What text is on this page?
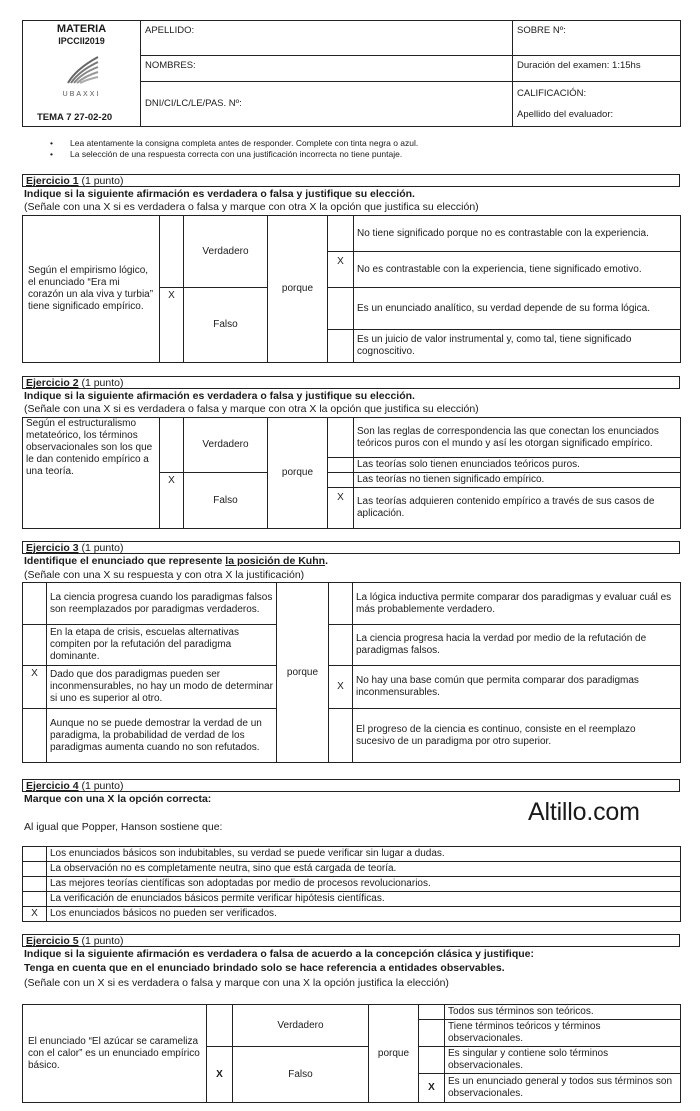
MATERIA
IPCCII2019
UBAXXI
TEMA 7 27-02-20	APELLIDO:	SOBRE Nº:
	NOMBRES:	Duración del examen: 1:15hs
	DNI/CI/LC/LE/PAS. Nº:	CALIFICACIÓN:
Apellido del evaluador:
• Lea atentamente la consigna completa antes de responder. Complete con tinta negra o azul.
• La selección de una respuesta correcta con una justificación incorrecta no tiene puntaje.
Ejercicio 1 (1 punto)
Indique si la siguiente afirmación es verdadera o falsa y justifique su elección.
(Señale con una X si es verdadera o falsa y marque con otra X la opción que justifica su elección)
Según el empirismo lógico, el enunciado “Era mi corazón un ala viva y turbia” tiene significado empírico.		Verdadero	porque		No tiene significado porque no es contrastable con la experiencia.
				X	No es contrastable con la experiencia, tiene significado emotivo.
	X	Falso			Es un enunciado analítico, su verdad depende de su forma lógica.
					Es un juicio de valor instrumental y, como tal, tiene significado cognoscitivo.
Ejercicio 2 (1 punto)
Indique si la siguiente afirmación es verdadera o falsa y justifique su elección.
(Señale con una X si es verdadera o falsa y marque con otra X la opción que justifica su elección)
Según el estructuralismo metateórico, los términos observacionales son los que le dan contenido empírico a una teoría.		Verdadero	porque		Son las reglas de correspondencia las que conectan los enunciados teóricos puros con el mundo y así les otorgan significado empírico.
					Las teorías solo tienen enunciados teóricos puros.
	X	Falso			Las teorías no tienen significado empírico.
				X	Las teorías adquieren contenido empírico a través de sus casos de aplicación.
Ejercicio 3 (1 punto)
Identifique el enunciado que represente la posición de Kuhn.
(Señale con una X su respuesta y con otra X la justificación)
	La ciencia progresa cuando los paradigmas falsos son reemplazados por paradigmas verdaderos.	porque		La lógica inductiva permite comparar dos paradigmas y evaluar cuál es más probablemente verdadero.
	En la etapa de crisis, escuelas alternativas compiten por la refutación del paradigma dominante.			La ciencia progresa hacia la verdad por medio de la refutación de paradigmas falsos.
X	Dado que dos paradigmas pueden ser inconmensurables, no hay un modo de determinar si uno es superior al otro.		X	No hay una base común que permita comparar dos paradigmas inconmensurables.
	Aunque no se puede demostrar la verdad de un paradigma, la probabilidad de verdad de los paradigmas aumenta cuando no son refutados.			El progreso de la ciencia es continuo, consiste en el reemplazo sucesivo de un paradigma por otro superior.
Ejercicio 4 (1 punto)
Marque con una X la opción correcta:	Altillo.com
Al igual que Popper, Hanson sostiene que:
	Los enunciados básicos son indubitables, su verdad se puede verificar sin lugar a dudas.
	La observación no es completamente neutra, sino que está cargada de teoría.
	Las mejores teorías científicas son adoptadas por medio de procesos revolucionarios.
	La verificación de enunciados básicos permite verificar hipótesis científicas.
X	Los enunciados básicos no pueden ser verificados.
Ejercicio 5 (1 punto)
Indique si la siguiente afirmación es verdadera o falsa de acuerdo a la concepción clásica y justifique:
Tenga en cuenta que en el enunciado brindado solo se hace referencia a entidades observables.
(Señale con un X si es verdadera o falsa y marque con una X la opción justifica la elección)
El enunciado “El azúcar se carameliza con el calor” es un enunciado empírico básico.		Verdadero	porque		Todos sus términos son teóricos.
					Tiene términos teóricos y términos observacionales.
	X	Falso			Es singular y contiene solo términos observacionales.
				X	Es un enunciado general y todos sus términos son observacionales.
